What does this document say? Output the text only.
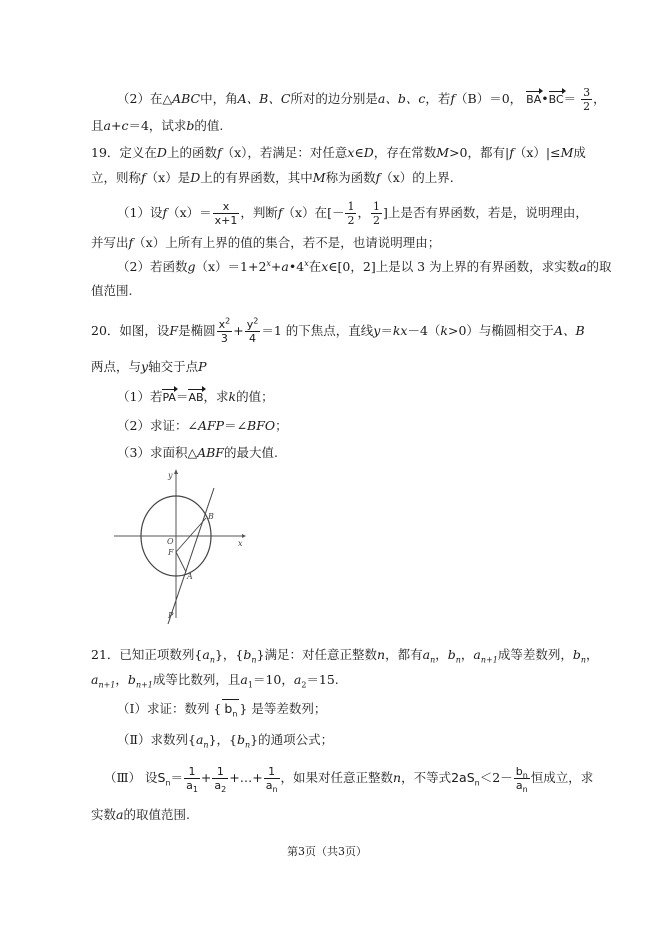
（2）在△ABC中，角A、B、C所对的边分别是a、b、c，若f（B）＝0， BA•BC＝ $\frac{3}{2}$ ，
且a+c＝4，试求b的值.
19．定义在D上的函数f（x），若满足：对任意x∈D，存在常数M>0，都有|f（x）|≤M成
立，则称f（x）是D上的有界函数，其中M称为函数f（x）的上界.
（1）设$f(x)= \frac{x}{x+1}$ ，判断f（x）在[－ $\frac{1}{2}$ ， $\frac{1}{2}$ ]上是否有界函数，若是，说明理由，
并写出f（x）上所有上界的值的集合，若不是，也请说明理由；
（2）若函数$g(x)=1+2^x+a•4^x$在x∈[0，2]上是以 3 为上界的有界函数，求实数a的取
值范围.
20．如图，设F是椭圆 $\frac{x^2}{3} + \frac{y^2}{4} =1$ 的下焦点，直线y＝kx－4（k>0）与椭圆相交于A、B
两点，与y轴交于点P
（1）若PA＝AB，求k的值；
（2）求证：∠AFP＝∠BFO；
（3）求面积△ABF的最大值.
y
x
O
F
B
A
P
21．已知正项数列$\{a_n\}$，$\{b_n\}$满足：对任意正整数n，都有$a_n$，$b_n$，$a_{n+1}$成等差数列，$b_n$，
$a_{n+1}$，$b_{n+1}$成等比数列，且$a_1=10$，$a_2=15$.
（Ⅰ）求证：数列 { $b_n$ } 是等差数列；
（Ⅱ）求数列$\{a_n\}$，$\{b_n\}$的通项公式；
（Ⅲ） 设$S_n= \frac{1}{a_1} + \frac{1}{a_2}$ +…+ $\frac{1}{a_n}$ ，如果对任意正整数n，不等式$2aS_n<2- \frac{b_n}{a_n}$ 恒成立，求
实数a的取值范围.
第3页（共3页）
